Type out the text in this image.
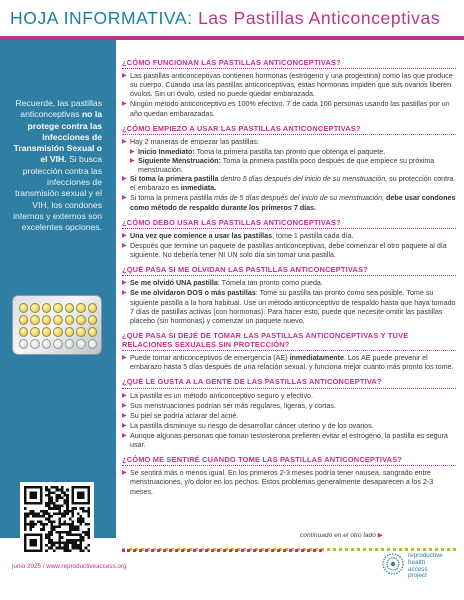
HOJA INFORMATIVA: Las Pastillas Anticonceptivas
Recuerde, las pastillas anticonceptivas no la protege contra las Infecciones de Transmisión Sexual o el VIH. Si busca protección contra las infecciones de transmisión sexual y el VIH, los condones internos y externos son excelentes opciones.
¿CÓMO FUNCIONAN LAS PASTILLAS ANTICONCEPTIVAS?
▶ Las pastillas anticonceptivas contienen hormonas (estrógeno y una progestina) como las que produce su cuerpo. Cuando usa las pastillas anticonceptivas, estas hormonas impiden que sus ovarios liberen óvulos. Sin un óvulo, usted no puede quedar embarazada.
▶ Ningún método anticonceptivo es 100% efectivo. 7 de cada 100 personas usando las pastillas por un año quedan embarazadas.
¿CÓMO EMPIEZO A USAR LAS PASTILLAS ANTICONCEPTIVAS?
▶ Hay 2 maneras de empezar las pastillas:
▶ Inicio Inmediato: Toma la primera pastilla tan pronto que obtenga el paquete.
▶ Siguiente Menstruación: Toma la primera pastilla poco después de que empiece su próxima menstruación.
▶ Si toma la primera pastilla dentro 5 días después del inicio de su menstruación, su protección contra el embarazo es inmediata.
▶ Si toma la primera pastilla más de 5 días después del inicio de su menstruación, debe usar condones como método de respaldo durante los primeros 7 días.
¿CÓMO DEBO USAR LAS PASTILLAS ANTICONCEPTIVAS?
▶ Una vez que comience a usar las pastillas, tome 1 pastilla cada día.
▶ Después que termine un paquete de pastillas anticonceptivas, debe comenzar el otro paquete al día siguiente. No debería tener NI UN solo día sin tomar una pastilla.
¿QUÉ PASA SI ME OLVIDAN LAS PASTILLAS ANTICONCEPTIVAS?
▶ Se me olvidó UNA pastilla: Tómela tan pronto como pueda.
▶ Se me olvidaron DOS o más pastillas: Tome su pastilla tan pronto como sea posible. Tome su siguiente pastilla a la hora habitual. Use un método anticonceptivo de respaldo hasta que haya tomado 7 días de pastillas activas (con hormonas). Para hacer esto, puede que necesite omitir las pastillas placebo (sin hormonas) y comenzar un paquete nuevo.
¿QUÉ PASA SI DEJÉ DE TOMAR LAS PASTILLAS ANTICONCEPTIVAS Y TUVE RELACIONES SEXUALES SIN PROTECCIÓN?
▶ Puede tomar anticonceptivos de emergencia (AE) inmediatamente. Los AE puede prevenir el embarazo hasta 5 días después de una relación sexual, y funciona mejor cuanto más pronto los tome.
¿QUÉ LE GUSTA A LA GENTE DE LAS PASTILLAS ANTICONCEPTIVA?
▶ La pastilla es un método anticonceptivo seguro y efectivo.
▶ Sus menstruaciones podrían ser más regulares, ligeras, y cortas.
▶ Su piel se podría aclarar del acné.
▶ La pastilla disminuye su riesgo de desarrollar cáncer uterino y de los ovarios.
▶ Aunque algunas personas que toman testosterona prefieren evitar el estrógeno, la pastilla es segura usar.
¿CÓMO ME SENTIRÉ CUANDO TOME LAS PASTILLAS ANTICONCEPTIVAS?
▶ Se sentirá más o menos igual. En los primeros 2-3 meses podría tener nausea, sangrado entre menstruaciones, y/o dolor en los pechos. Estos problemas generalmente desaparecen a los 2-3 meses.
continuado en el otro lado ▶
junio 2025 / www.reproductiveaccess.org
reproductive
health
access
project
